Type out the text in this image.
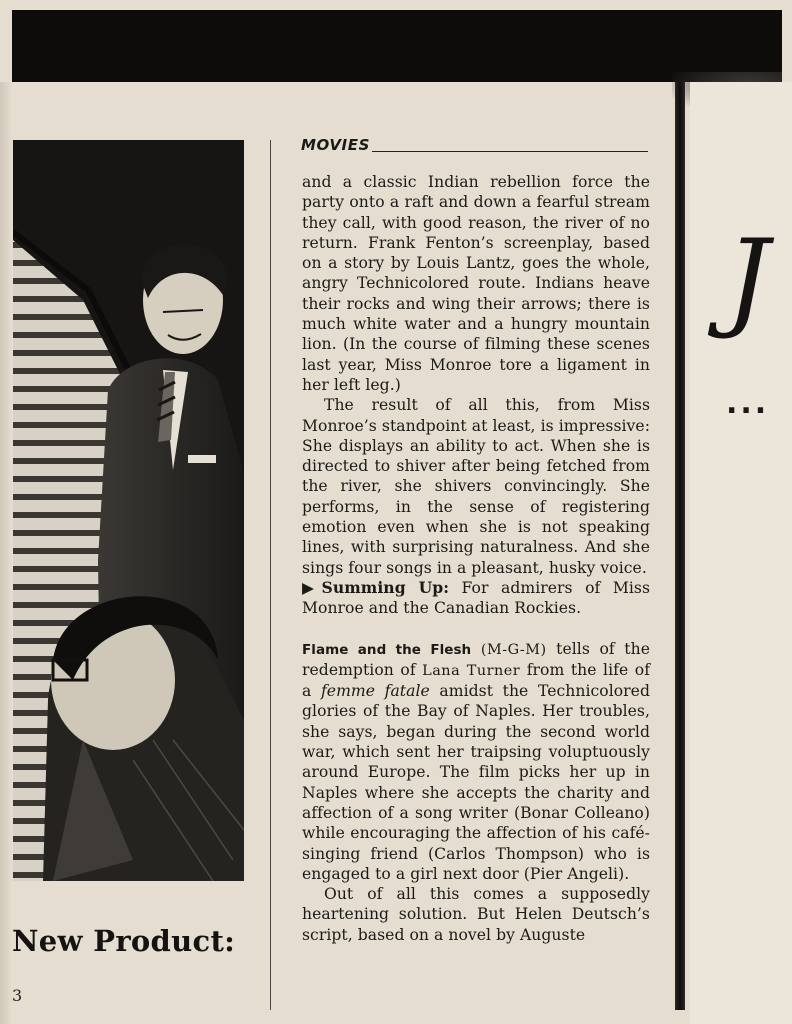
New Product:

3

MOVIES

and a classic Indian rebellion force the party onto a raft and down a fearful stream they call, with good reason, the river of no return. Frank Fenton’s screenplay, based on a story by Louis Lantz, goes the whole, angry Technicolored route. Indians heave their rocks and wing their arrows; there is much white water and a hungry mountain lion. (In the course of filming these scenes last year, Miss Monroe tore a ligament in her left leg.)

The result of all this, from Miss Monroe’s standpoint at least, is impressive: She displays an ability to act. When she is directed to shiver after being fetched from the river, she shivers convincingly. She performs, in the sense of registering emotion even when she is not speaking lines, with surprising naturalness. And she sings four songs in a pleasant, husky voice.

▶Summing Up: For admirers of Miss Monroe and the Canadian Rockies.

Flame and the Flesh (M-G-M) tells of the redemption of Lana Turner from the life of a femme fatale amidst the Technicolored glories of the Bay of Naples. Her troubles, she says, began during the second world war, which sent her traipsing voluptuously around Europe. The film picks her up in Naples where she accepts the charity and affection of a song writer (Bonar Colleano) while encouraging the affection of his café-singing friend (Carlos Thompson) who is engaged to a girl next door (Pier Angeli).

Out of all this comes a supposedly heartening solution. But Helen Deutsch’s script, based on a novel by Auguste

J

...
